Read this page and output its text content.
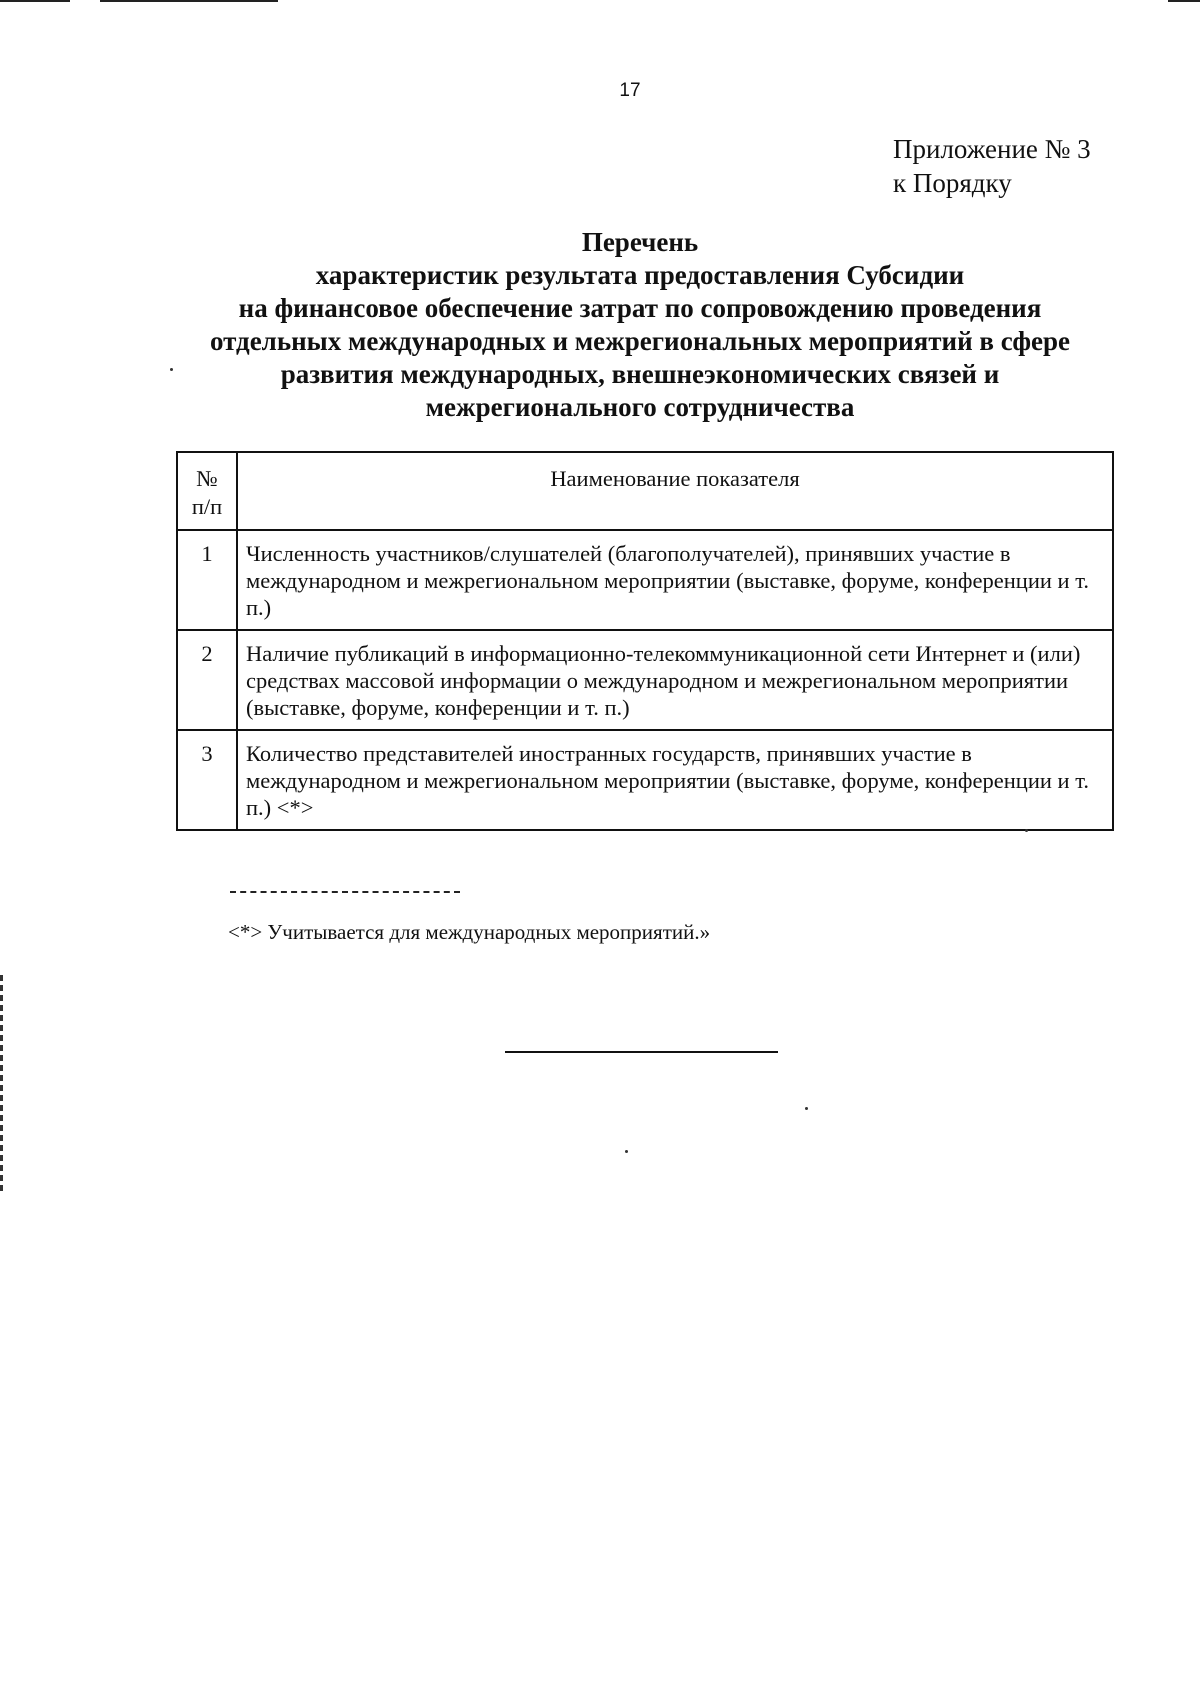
17
Приложение № 3
к Порядку
Перечень
характеристик результата предоставления Субсидии
на финансовое обеспечение затрат по сопровождению проведения
отдельных международных и межрегиональных мероприятий в сфере
развития международных, внешнеэкономических связей и
межрегионального сотрудничества
№
п/п	Наименование показателя
1	Численность участников/слушателей (благополучателей), принявших участие в международном и межрегиональном мероприятии (выставке, форуме, конференции и т. п.)
2	Наличие публикаций в информационно-телекоммуникационной сети Интернет и (или) средствах массовой информации о международном и межрегиональном мероприятии (выставке, форуме, конференции и т. п.)
3	Количество представителей иностранных государств, принявших участие в международном и межрегиональном мероприятии (выставке, форуме, конференции и т. п.) <*>
<*> Учитывается для международных мероприятий.»
